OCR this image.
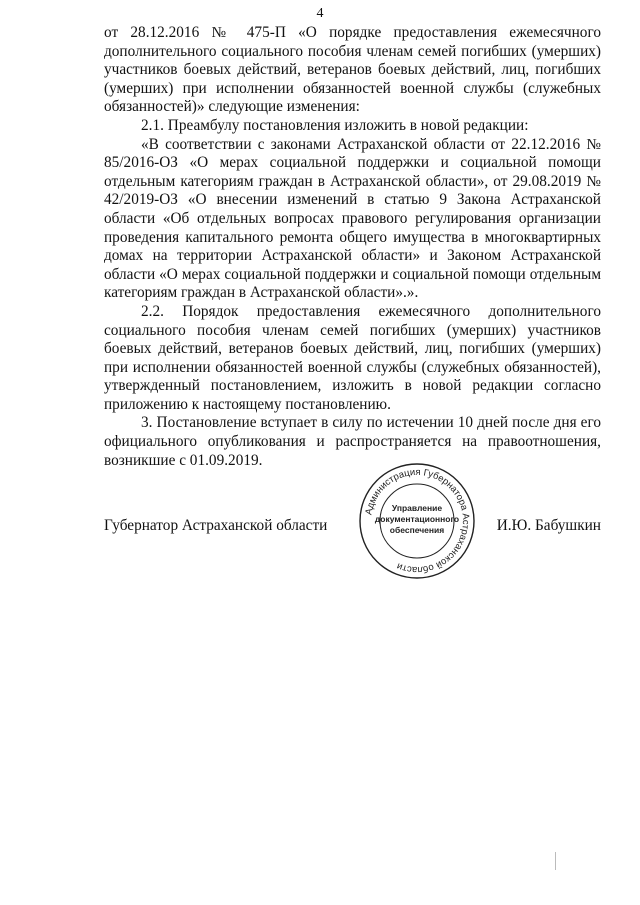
4

от 28.12.2016 № 475-П «О порядке предоставления ежемесячного дополнительного социального пособия членам семей погибших (умерших) участников боевых действий, ветеранов боевых действий, лиц, погибших (умерших) при исполнении обязанностей военной службы (служебных обязанностей)» следующие изменения:

2.1. Преамбулу постановления изложить в новой редакции:

«В соответствии с законами Астраханской области от 22.12.2016 № 85/2016-ОЗ «О мерах социальной поддержки и социальной помощи отдельным категориям граждан в Астраханской области», от 29.08.2019 № 42/2019-ОЗ «О внесении изменений в статью 9 Закона Астраханской области «Об отдельных вопросах правового регулирования организации проведения капитального ремонта общего имущества в многоквартирных домах на территории Астраханской области» и Законом Астраханской области «О мерах социальной поддержки и социальной помощи отдельным категориям граждан в Астраханской области».».

2.2. Порядок предоставления ежемесячного дополнительного социального пособия членам семей погибших (умерших) участников боевых действий, ветеранов боевых действий, лиц, погибших (умерших) при исполнении обязанностей военной службы (служебных обязанностей), утвержденный постановлением, изложить в новой редакции согласно приложению к настоящему постановлению.

3. Постановление вступает в силу по истечении 10 дней после дня его официального опубликования и распространяется на правоотношения, возникшие с 01.09.2019.

Губернатор Астраханской области	И.Ю. Бабушкин
Администрация Губернатора Астраханской области
Управление
документационного
обеспечения
